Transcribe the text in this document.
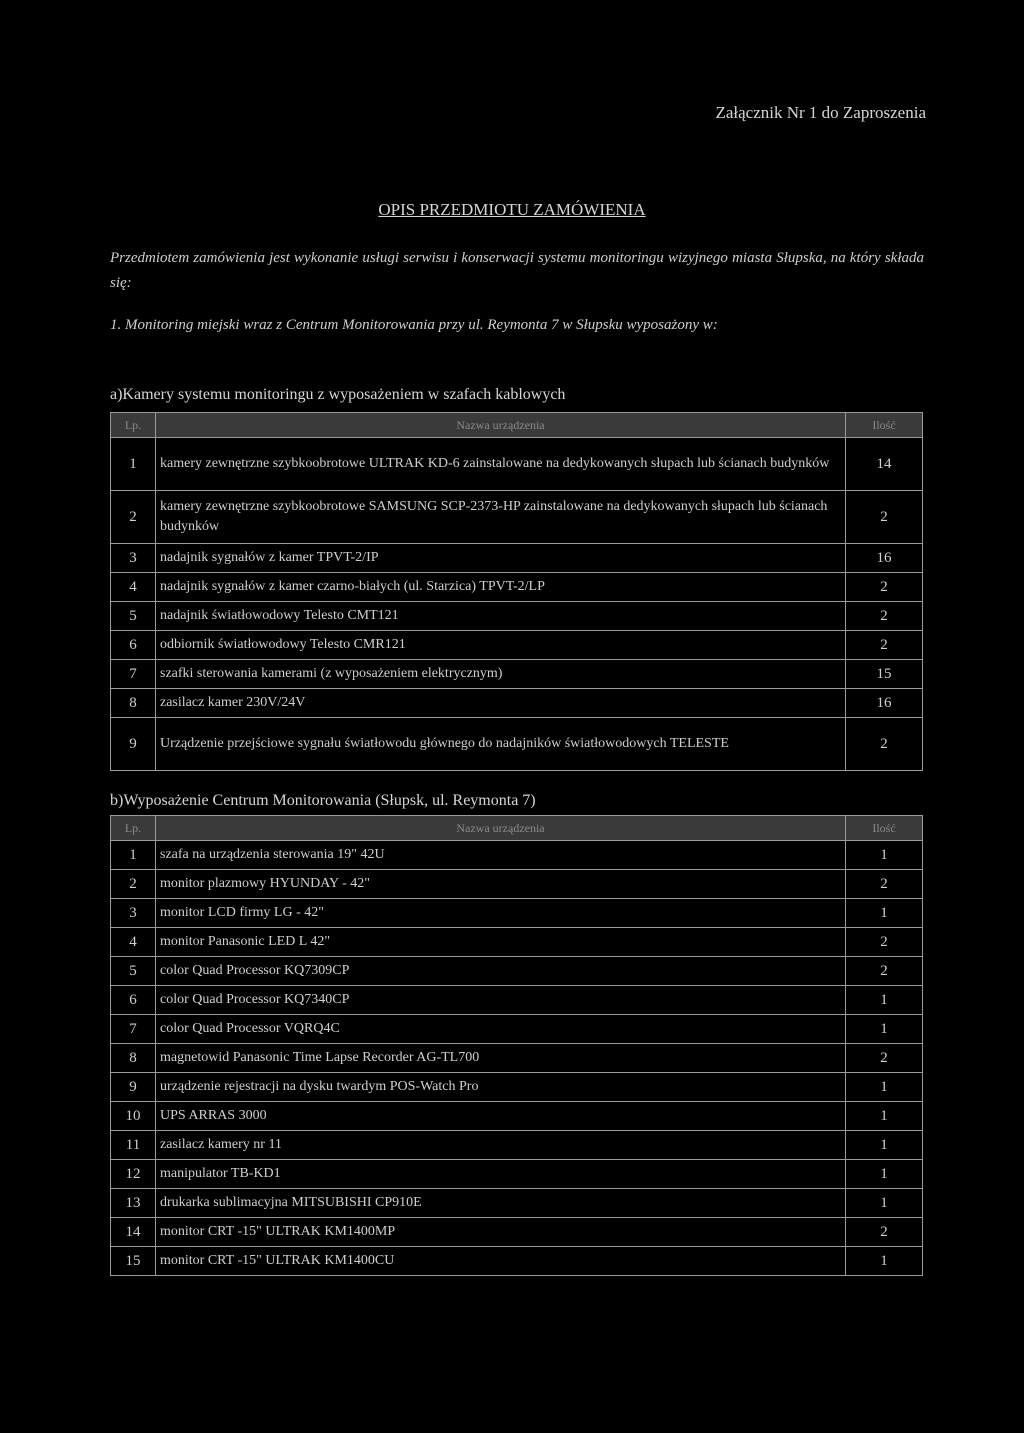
Załącznik Nr 1 do Zaproszenia
OPIS PRZEDMIOTU ZAMÓWIENIA
Przedmiotem zamówienia jest wykonanie usługi serwisu i konserwacji systemu monitoringu wizyjnego miasta Słupska, na który składa się:
1. Monitoring miejski wraz z Centrum Monitorowania przy ul. Reymonta 7 w Słupsku wyposażony w:
a)Kamery systemu monitoringu z wyposażeniem w szafach kablowych
Lp.	Nazwa urządzenia	Ilość
1	kamery zewnętrzne szybkoobrotowe ULTRAK KD-6 zainstalowane na dedykowanych słupach lub ścianach budynków	14
2	kamery zewnętrzne szybkoobrotowe SAMSUNG SCP-2373-HP zainstalowane na dedykowanych słupach lub ścianach budynków	2
3	nadajnik sygnałów z kamer TPVT-2/IP	16
4	nadajnik sygnałów z kamer czarno-białych (ul. Starzica) TPVT-2/LP	2
5	nadajnik światłowodowy Telesto CMT121	2
6	odbiornik światłowodowy Telesto CMR121	2
7	szafki sterowania kamerami (z wyposażeniem elektrycznym)	15
8	zasilacz kamer 230V/24V	16
9	Urządzenie przejściowe sygnału światłowodu głównego do nadajników światłowodowych TELESTE	2
b)Wyposażenie Centrum Monitorowania (Słupsk, ul. Reymonta 7)
Lp.	Nazwa urządzenia	Ilość
1	szafa na urządzenia sterowania 19" 42U	1
2	monitor plazmowy HYUNDAY - 42"	2
3	monitor LCD firmy LG - 42"	1
4	monitor Panasonic LED L 42"	2
5	color Quad Processor KQ7309CP	2
6	color Quad Processor KQ7340CP	1
7	color Quad Processor VQRQ4C	1
8	magnetowid Panasonic Time Lapse Recorder AG-TL700	2
9	urządzenie rejestracji na dysku twardym POS-Watch Pro	1
10	UPS ARRAS 3000	1
11	zasilacz kamery nr 11	1
12	manipulator TB-KD1	1
13	drukarka sublimacyjna MITSUBISHI CP910E	1
14	monitor CRT -15" ULTRAK KM1400MP	2
15	monitor CRT -15" ULTRAK KM1400CU	1
